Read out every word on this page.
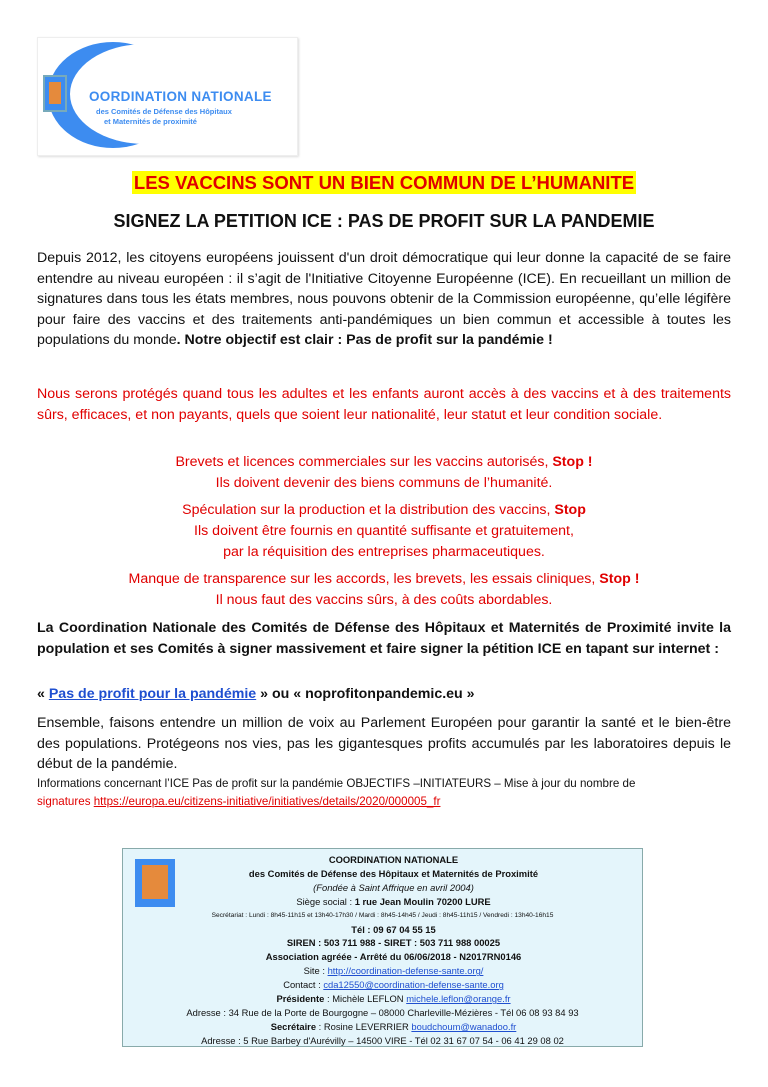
OORDINATION NATIONALE
des Comités de Défense des Hôpitaux
et Maternités de proximité
LES VACCINS SONT UN BIEN COMMUN DE L’HUMANITE
SIGNEZ LA PETITION ICE : PAS DE PROFIT SUR LA PANDEMIE
Depuis 2012, les citoyens européens jouissent d'un droit démocratique qui leur donne la capacité de se faire entendre au niveau européen : il s’agit de l'Initiative Citoyenne Européenne (ICE). En recueillant un million de signatures dans tous les états membres, nous pouvons obtenir de la Commission européenne, qu’elle légifère pour faire des vaccins et des traitements anti-pandémiques un bien commun et accessible à toutes les populations du monde. Notre objectif est clair : Pas de profit sur la pandémie !
Nous serons protégés quand tous les adultes et les enfants auront accès à des vaccins et à des traitements sûrs, efficaces, et non payants, quels que soient leur nationalité, leur statut et leur condition sociale.
Brevets et licences commerciales sur les vaccins autorisés, Stop !
Ils doivent devenir des biens communs de l’humanité.
Spéculation sur la production et la distribution des vaccins, Stop
Ils doivent être fournis en quantité suffisante et gratuitement,
par la réquisition des entreprises pharmaceutiques.
Manque de transparence sur les accords, les brevets, les essais cliniques, Stop !
Il nous faut des vaccins sûrs, à des coûts abordables.
La Coordination Nationale des Comités de Défense des Hôpitaux et Maternités de Proximité invite la population et ses Comités à signer massivement et faire signer la pétition ICE en tapant sur internet :
« Pas de profit pour la pandémie » ou « noprofitonpandemic.eu »
Ensemble, faisons entendre un million de voix au Parlement Européen pour garantir la santé et le bien-être des populations. Protégeons nos vies, pas les gigantesques profits accumulés par les laboratoires depuis le début de la pandémie.
Informations concernant l’ICE Pas de profit sur la pandémie OBJECTIFS –INITIATEURS – Mise à jour du nombre de
signatures https://europa.eu/citizens-initiative/initiatives/details/2020/000005_fr
COORDINATION NATIONALE
des Comités de Défense des Hôpitaux et Maternités de Proximité
(Fondée à Saint Affrique en avril 2004)
Siège social : 1 rue Jean Moulin 70200 LURE
Secrétariat : Lundi : 8h45-11h15 et 13h40-17h30 / Mardi : 8h45-14h45 / Jeudi : 8h45-11h15 / Vendredi : 13h40-16h15
Tél : 09 67 04 55 15
SIREN : 503 711 988 - SIRET : 503 711 988 00025
Association agréée - Arrêté du 06/06/2018 - N2017RN0146
Site : http://coordination-defense-sante.org/
Contact : cda12550@coordination-defense-sante.org
Présidente : Michèle LEFLON michele.leflon@orange.fr
Adresse : 34 Rue de la Porte de Bourgogne – 08000 Charleville-Mézières - Tél 06 08 93 84 93
Secrétaire : Rosine LEVERRIER boudchoum@wanadoo.fr
Adresse : 5 Rue Barbey d'Aurévilly – 14500 VIRE - Tél 02 31 67 07 54 - 06 41 29 08 02
